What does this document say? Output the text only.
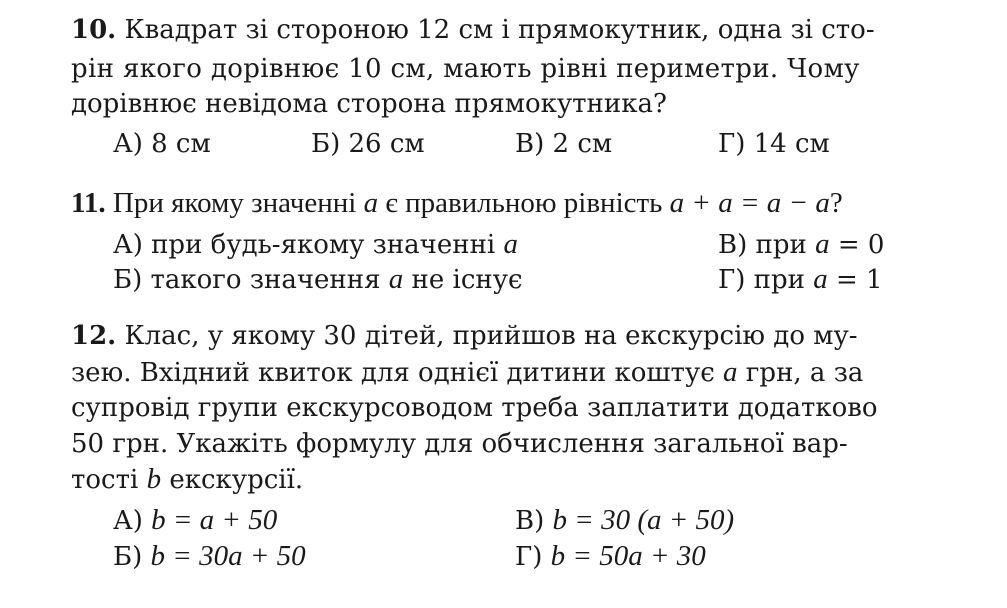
10. Квадрат зі стороною 12 см і прямокутник, одна зі сто-
рін якого дорівнює 10 см, мають рівні периметри. Чому
дорівнює невідома сторона прямокутника?
А) 8 см	Б) 26 см	В) 2 см	Г) 14 см
11. При якому значенні a є правильною рівність a + a = a − a?
А) при будь-якому значенні a	В) при a = 0
Б) такого значення a не існує	Г) при a = 1
12. Клас, у якому 30 дітей, прийшов на екскурсію до му-
зею. Вхідний квиток для однієї дитини коштує a грн, а за
супровід групи екскурсоводом треба заплатити додатково
50 грн. Укажіть формулу для обчислення загальної вар-
тості b екскурсії.
А) b = a + 50	В) b = 30 (a + 50)
Б) b = 30a + 50	Г) b = 50a + 30
